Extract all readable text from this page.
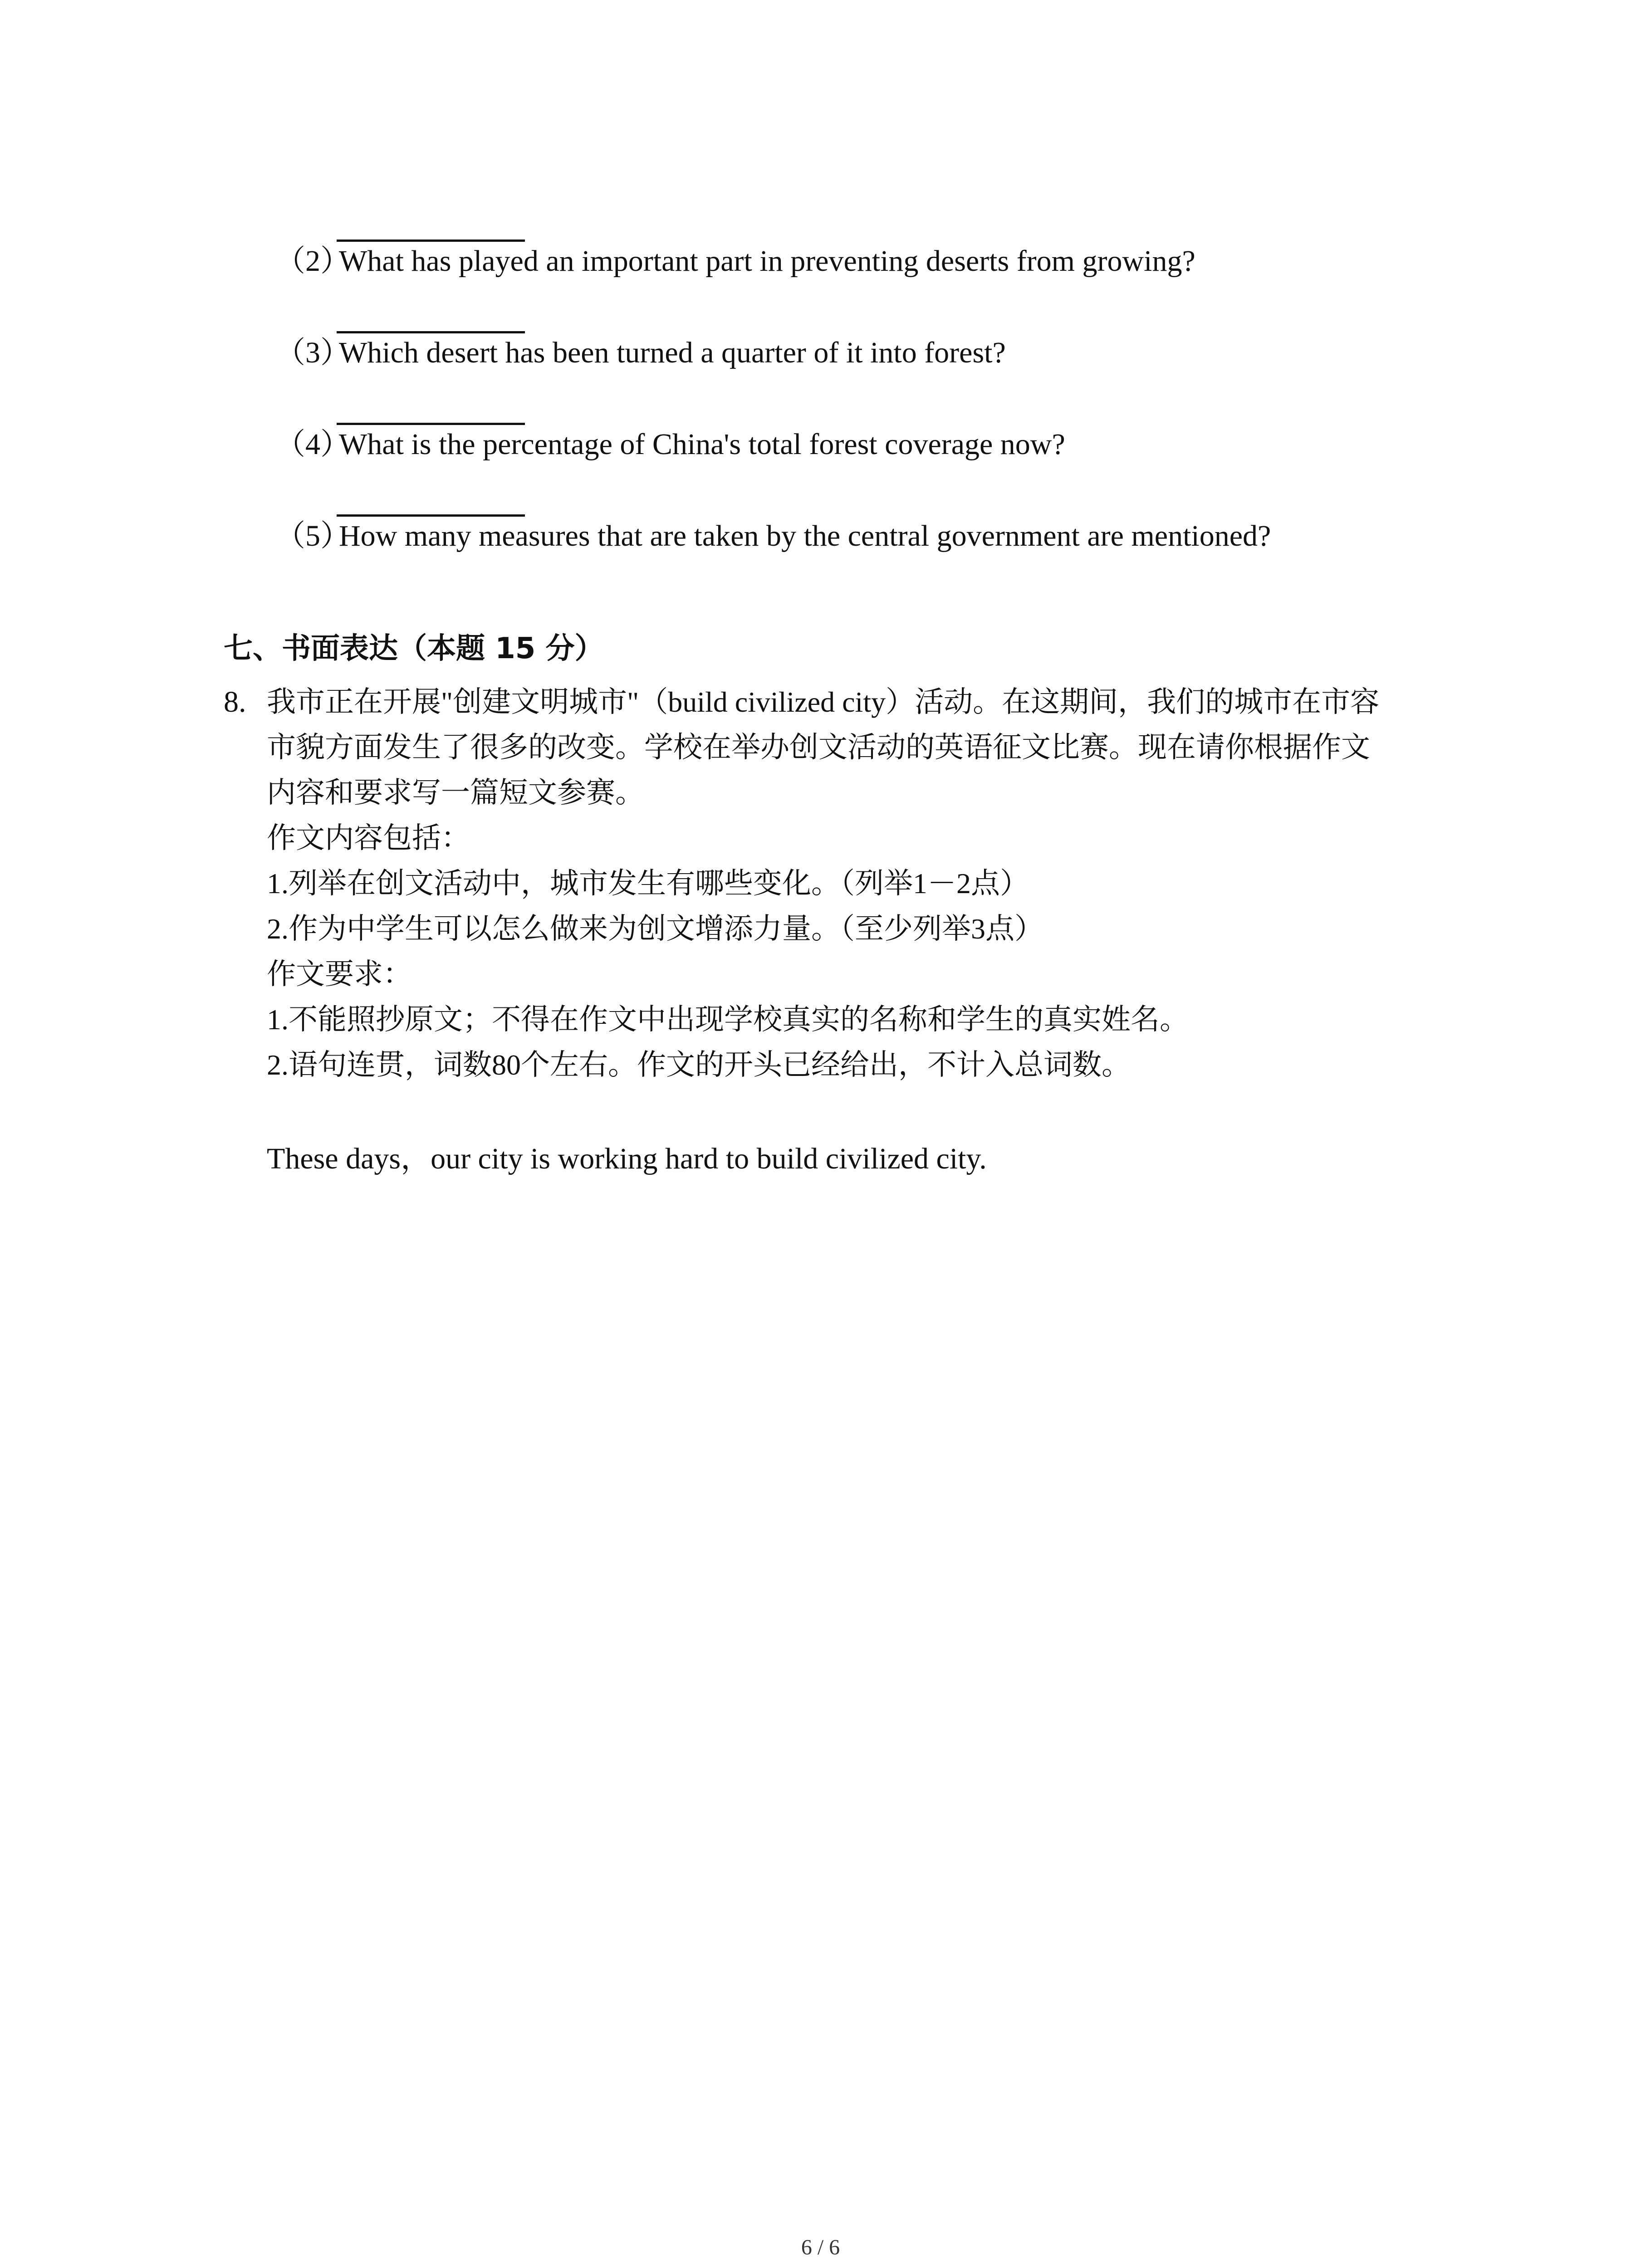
（2）What has played an important part in preventing deserts from growing?
（3）Which desert has been turned a quarter of it into forest?
（4）What is the percentage of China's total forest coverage now?
（5）How many measures that are taken by the central government are mentioned?
七、书面表达（本题 15 分）
8. 我市正在开展"创建文明城市"（build civilized city）活动。在这期间，我们的城市在市容
市貌方面发生了很多的改变。学校在举办创文活动的英语征文比赛。现在请你根据作文
内容和要求写一篇短文参赛。
作文内容包括：
1.列举在创文活动中，城市发生有哪些变化。（列举1－2点）
2.作为中学生可以怎么做来为创文增添力量。（至少列举3点）
作文要求：
1.不能照抄原文；不得在作文中出现学校真实的名称和学生的真实姓名。
2.语句连贯，词数80个左右。作文的开头已经给出，不计入总词数。
These days，our city is working hard to build civilized city.
6 / 6
